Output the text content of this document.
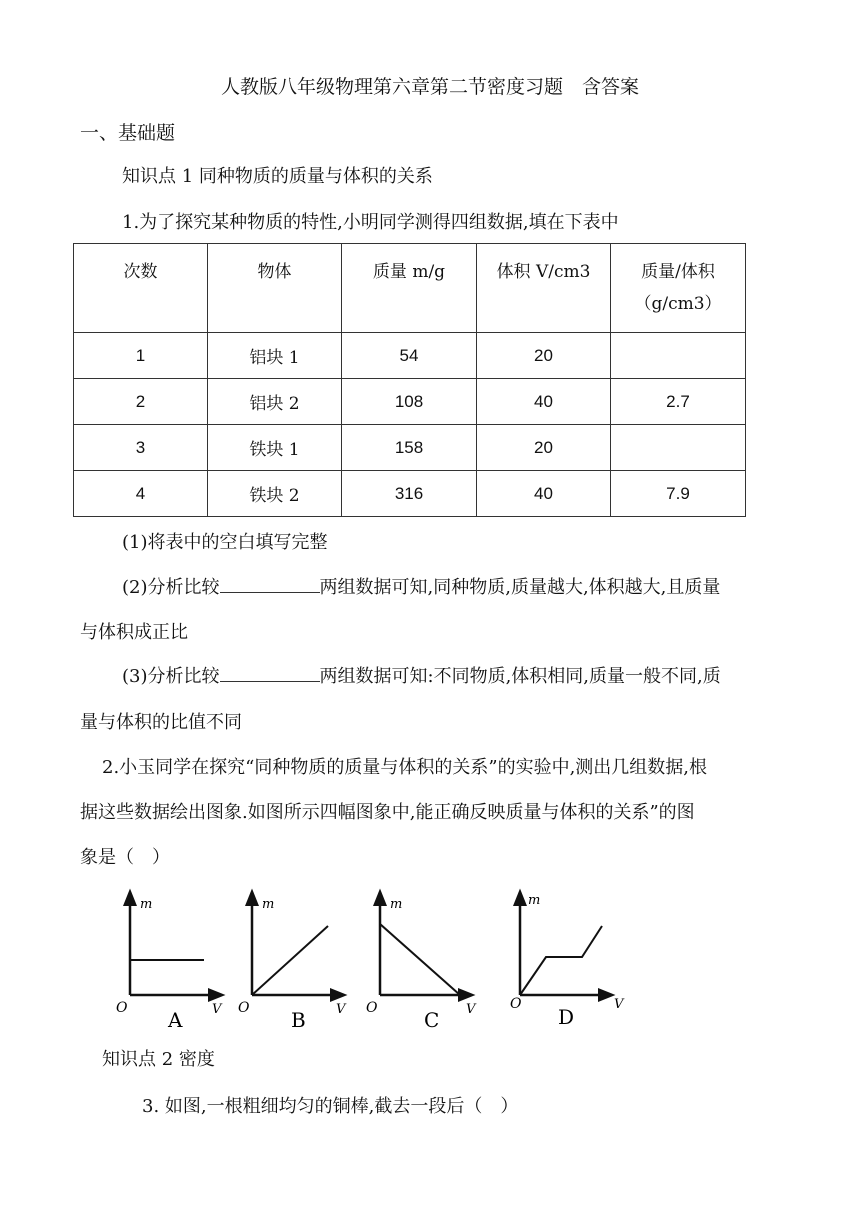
人教版八年级物理第六章第二节密度习题　含答案
一、基础题
知识点 1 同种物质的质量与体积的关系
1.为了探究某种物质的特性,小明同学测得四组数据,填在下表中
次数	物体	质量 m/g	体积 V/cm3	质量/体积
（g/cm3）

1	铝块 1	54	20	
2	铝块 2	108	40	2.7
3	铁块 1	158	20	
4	铁块 2	316	40	7.9
(1)将表中的空白填写完整
(2)分析比较	两组数据可知,同种物质,质量越大,体积越大,且质量
与体积成正比
(3)分析比较	两组数据可知:不同物质,体积相同,质量一般不同,质
量与体积的比值不同
2.小玉同学在探究“同种物质的质量与体积的关系”的实验中,测出几组数据,根
据这些数据绘出图象.如图所示四幅图象中,能正确反映质量与体积的关系”的图
象是（　）
m
V
O A
m
V
O B
m
V
O C
m
V
O
D
知识点 2 密度
3. 如图,一根粗细均匀的铜棒,截去一段后（　）
